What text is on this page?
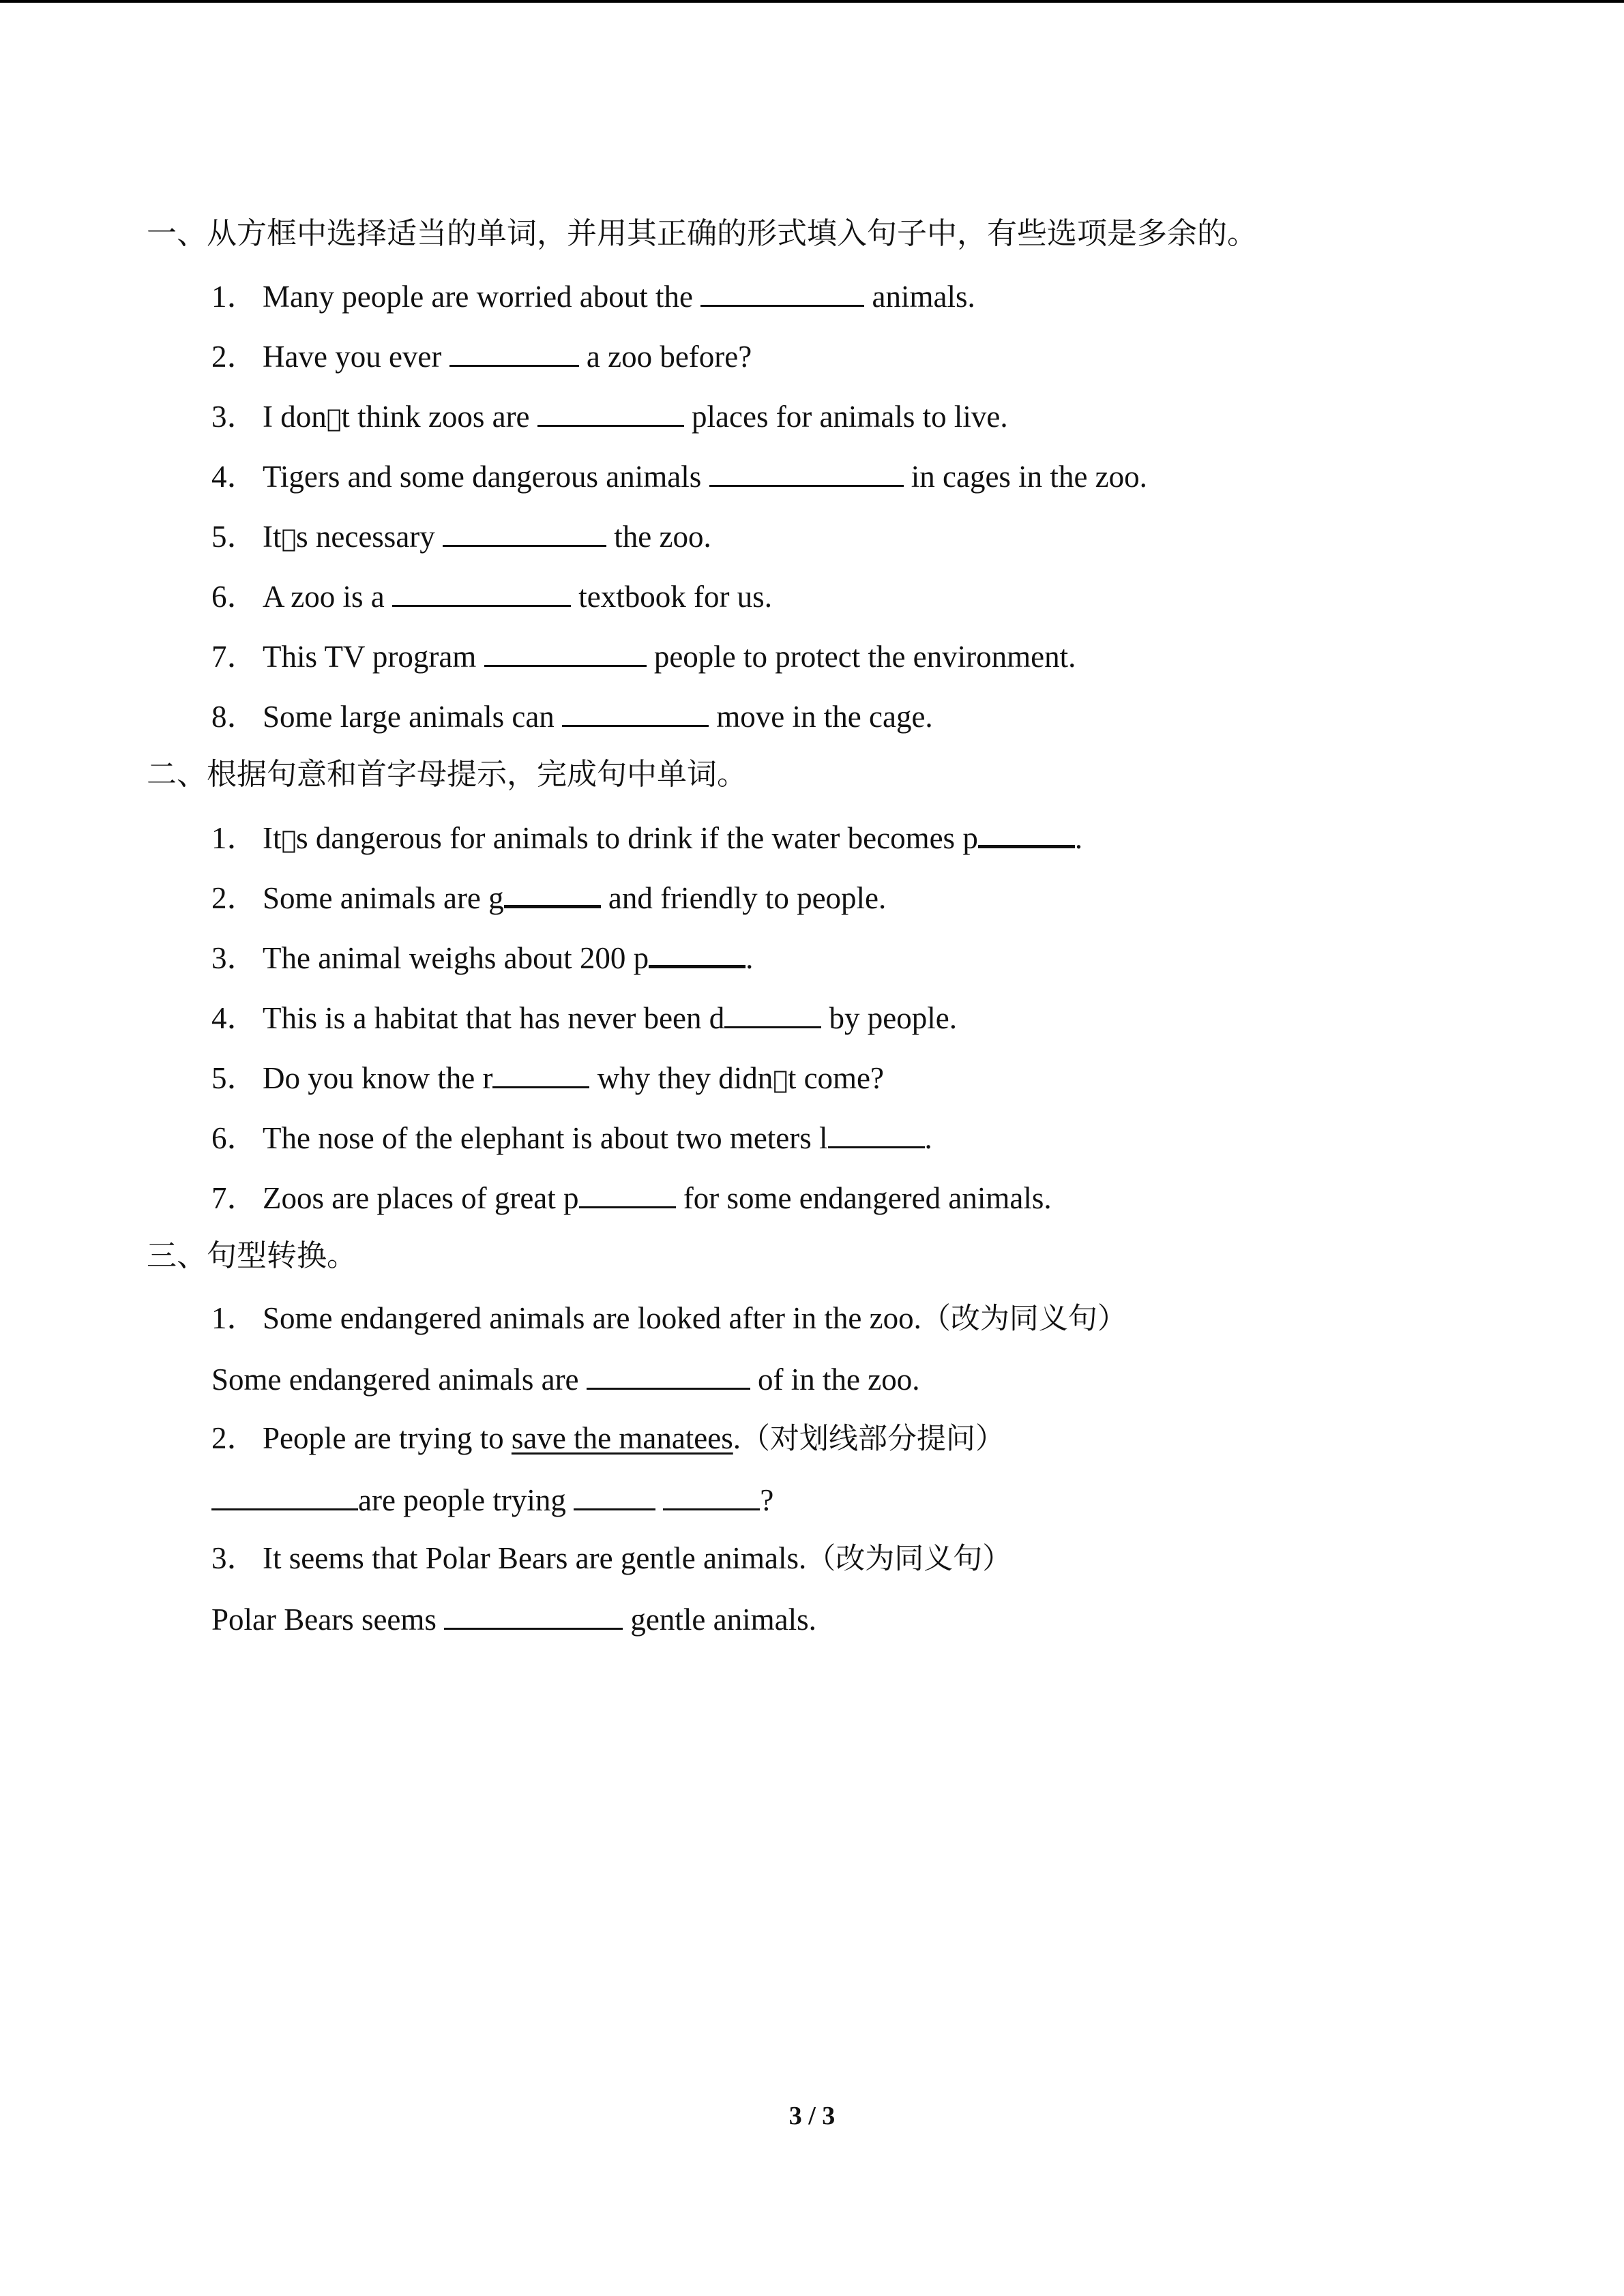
一、从方框中选择适当的单词，并用其正确的形式填入句子中，有些选项是多余的。
1． Many people are worried about the	animals.
2． Have you ever	a zoo before?
3． I don􀀀t think zoos are	places for animals to live.
4． Tigers and some dangerous animals	in cages in the zoo.
5． It􀀀s necessary	the zoo.
6． A zoo is a	textbook for us.
7． This TV program	people to protect the environment.
8． Some large animals can	move in the cage.
二、根据句意和首字母提示，完成句中单词。
1． It􀀀s dangerous for animals to drink if the water becomes p	.
2． Some animals are g	and friendly to people.
3． The animal weighs about 200 p	.
4． This is a habitat that has never been d	by people.
5． Do you know the r	why they didn􀀀t come?
6． The nose of the elephant is about two meters l	.
7． Zoos are places of great p	for some endangered animals.
三、句型转换。
1． Some endangered animals are looked after in the zoo.（改为同义句）
Some endangered animals are	of in the zoo.
2． People are trying to save the manatees.（对划线部分提问）
are people trying	?
3． It seems that Polar Bears are gentle animals.（改为同义句）
Polar Bears seems	gentle animals.
3 / 3
